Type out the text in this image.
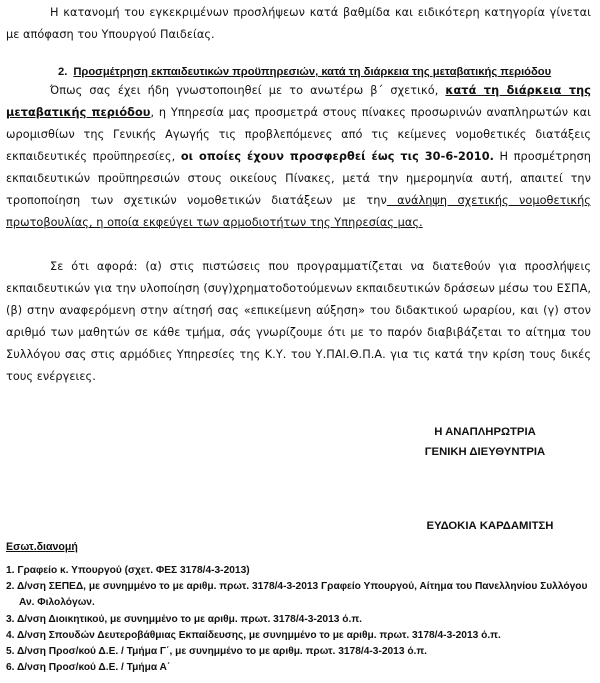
Η κατανομή του εγκεκριμένων προσλήψεων κατά βαθμίδα και ειδικότερη κατηγορία γίνεται με απόφαση του Υπουργού Παιδείας.

2. Προσμέτρηση εκπαιδευτικών προϋπηρεσιών, κατά τη διάρκεια της μεταβατικής περιόδου

Όπως σας έχει ήδη γνωστοποιηθεί με το ανωτέρω β΄ σχετικό, κατά τη διάρκεια της μεταβατικής περιόδου, η Υπηρεσία μας προσμετρά στους πίνακες προσωρινών αναπληρωτών και ωρομισθίων της Γενικής Αγωγής τις προβλεπόμενες από τις κείμενες νομοθετικές διατάξεις εκπαιδευτικές προϋπηρεσίες, οι οποίες έχουν προσφερθεί έως τις 30-6-2010. Η προσμέτρηση εκπαιδευτικών προϋπηρεσιών στους οικείους Πίνακες, μετά την ημερομηνία αυτή, απαιτεί την τροποποίηση των σχετικών νομοθετικών διατάξεων με την ανάληψη σχετικής νομοθετικής πρωτοβουλίας, η οποία εκφεύγει των αρμοδιοτήτων της Υπηρεσίας μας.

Σε ότι αφορά: (α) στις πιστώσεις που προγραμματίζεται να διατεθούν για προσλήψεις εκπαιδευτικών για την υλοποίηση (συγ)χρηματοδοτούμενων εκπαιδευτικών δράσεων μέσω του ΕΣΠΑ, (β) στην αναφερόμενη στην αίτησή σας «επικείμενη αύξηση» του διδακτικού ωραρίου, και (γ) στον αριθμό των μαθητών σε κάθε τμήμα, σάς γνωρίζουμε ότι με το παρόν διαβιβάζεται το αίτημα του Συλλόγου σας στις αρμόδιες Υπηρεσίες της Κ.Υ. του Υ.ΠΑΙ.Θ.Π.Α. για τις κατά την κρίση τους δικές τους ενέργειες.

Η ΑΝΑΠΛΗΡΩΤΡΙΑ
ΓΕΝΙΚΗ ΔΙΕΥΘΥΝΤΡΙΑ
ΕΥΔΟΚΙΑ ΚΑΡΔΑΜΙΤΣΗ
Εσωτ.διανομή
1. Γραφείο κ. Υπουργού (σχετ. ΦΕΣ 3178/4-3-2013)
2. Δ/νση ΣΕΠΕΔ, με συνημμένο το με αριθμ. πρωτ. 3178/4-3-2013 Γραφείο Υπουργού, Αίτημα του Πανελληνίου Συλλόγου Αν. Φιλολόγων.
3. Δ/νση Διοικητικού, με συνημμένο το με αριθμ. πρωτ. 3178/4-3-2013 ό.π.
4. Δ/νση Σπουδών Δευτεροβάθμιας Εκπαίδευσης, με συνημμένο το με αριθμ. πρωτ. 3178/4-3-2013 ό.π.
5. Δ/νση Προσ/κού Δ.Ε. / Τμήμα Γ΄, με συνημμένο το με αριθμ. πρωτ. 3178/4-3-2013 ό.π.
6. Δ/νση Προσ/κού Δ.Ε. / Τμήμα Α΄
